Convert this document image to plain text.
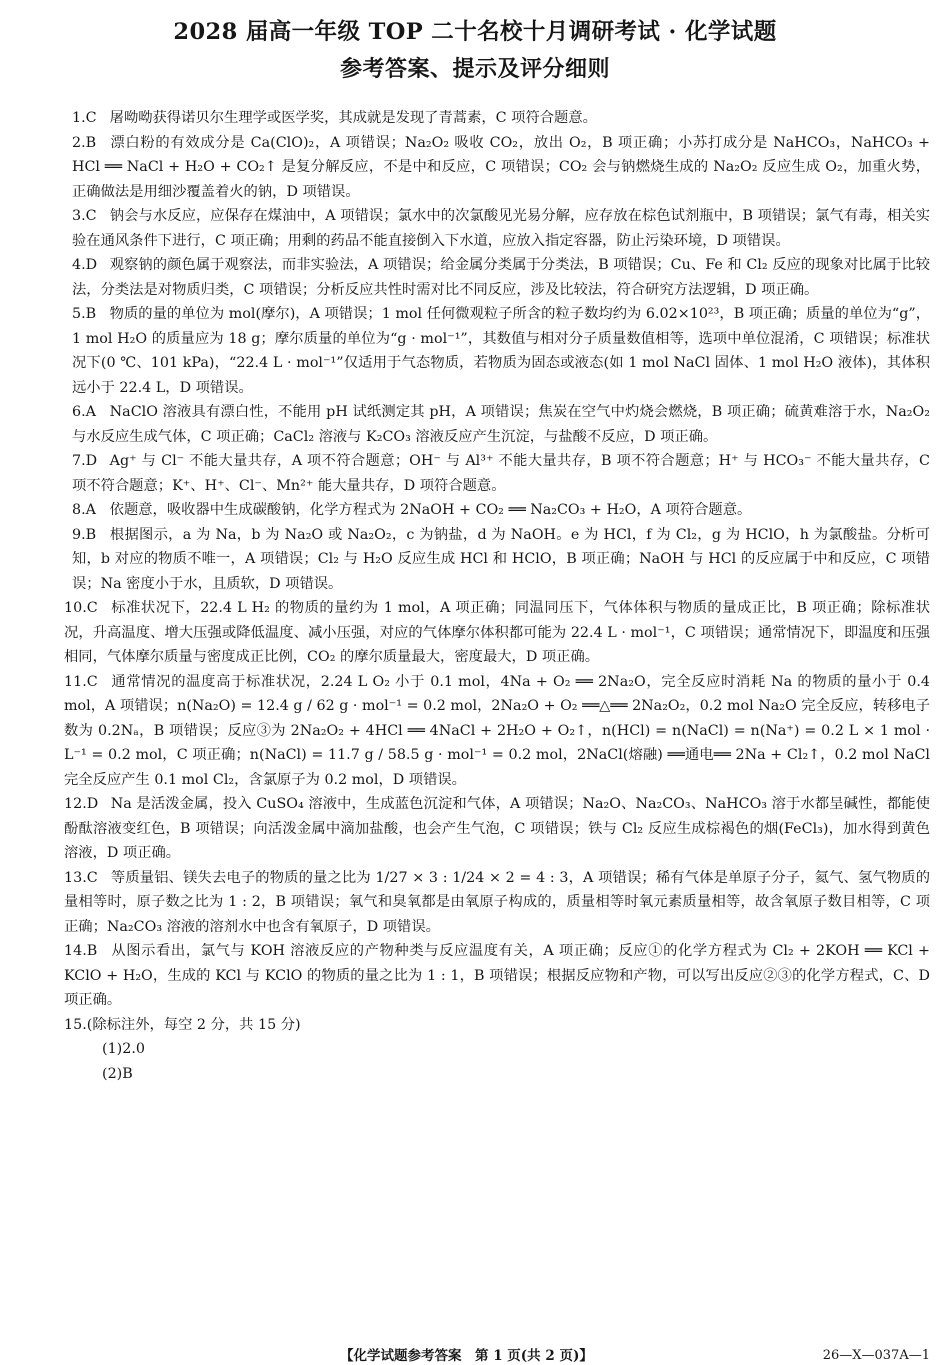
2028 届高一年级 TOP 二十名校十月调研考试 · 化学试题
参考答案、提示及评分细则
1.C 屠呦呦获得诺贝尔生理学或医学奖，其成就是发现了青蒿素，C 项符合题意。
2.B 漂白粉的有效成分是 Ca(ClO)₂，A 项错误；Na₂O₂ 吸收 CO₂，放出 O₂，B 项正确；小苏打成分是 NaHCO₃，NaHCO₃ + HCl ══ NaCl + H₂O + CO₂↑ 是复分解反应，不是中和反应，C 项错误；CO₂ 会与钠燃烧生成的 Na₂O₂ 反应生成 O₂，加重火势，正确做法是用细沙覆盖着火的钠，D 项错误。
3.C 钠会与水反应，应保存在煤油中，A 项错误；氯水中的次氯酸见光易分解，应存放在棕色试剂瓶中，B 项错误；氯气有毒，相关实验在通风条件下进行，C 项正确；用剩的药品不能直接倒入下水道，应放入指定容器，防止污染环境，D 项错误。
4.D 观察钠的颜色属于观察法，而非实验法，A 项错误；给金属分类属于分类法，B 项错误；Cu、Fe 和 Cl₂ 反应的现象对比属于比较法，分类法是对物质归类，C 项错误；分析反应共性时需对比不同反应，涉及比较法，符合研究方法逻辑，D 项正确。
5.B 物质的量的单位为 mol(摩尔)，A 项错误；1 mol 任何微观粒子所含的粒子数均约为 6.02×10²³，B 项正确；质量的单位为“g”，1 mol H₂O 的质量应为 18 g；摩尔质量的单位为“g · mol⁻¹”，其数值与相对分子质量数值相等，选项中单位混淆，C 项错误；标准状况下(0 ℃、101 kPa)，“22.4 L · mol⁻¹”仅适用于气态物质，若物质为固态或液态(如 1 mol NaCl 固体、1 mol H₂O 液体)，其体积远小于 22.4 L，D 项错误。
6.A NaClO 溶液具有漂白性，不能用 pH 试纸测定其 pH，A 项错误；焦炭在空气中灼烧会燃烧，B 项正确；硫黄难溶于水，Na₂O₂ 与水反应生成气体，C 项正确；CaCl₂ 溶液与 K₂CO₃ 溶液反应产生沉淀，与盐酸不反应，D 项正确。
7.D Ag⁺ 与 Cl⁻ 不能大量共存，A 项不符合题意；OH⁻ 与 Al³⁺ 不能大量共存，B 项不符合题意；H⁺ 与 HCO₃⁻ 不能大量共存，C 项不符合题意；K⁺、H⁺、Cl⁻、Mn²⁺ 能大量共存，D 项符合题意。
8.A 依题意，吸收器中生成碳酸钠，化学方程式为 2NaOH + CO₂ ══ Na₂CO₃ + H₂O，A 项符合题意。
9.B 根据图示，a 为 Na，b 为 Na₂O 或 Na₂O₂，c 为钠盐，d 为 NaOH。e 为 HCl，f 为 Cl₂，g 为 HClO，h 为氯酸盐。分析可知，b 对应的物质不唯一，A 项错误；Cl₂ 与 H₂O 反应生成 HCl 和 HClO，B 项正确；NaOH 与 HCl 的反应属于中和反应，C 项错误；Na 密度小于水，且质软，D 项错误。
10.C 标准状况下，22.4 L H₂ 的物质的量约为 1 mol，A 项正确；同温同压下，气体体积与物质的量成正比，B 项正确；除标准状况，升高温度、增大压强或降低温度、减小压强，对应的气体摩尔体积都可能为 22.4 L · mol⁻¹，C 项错误；通常情况下，即温度和压强相同，气体摩尔质量与密度成正比例，CO₂ 的摩尔质量最大，密度最大，D 项正确。
11.C 通常情况的温度高于标准状况，2.24 L O₂ 小于 0.1 mol，4Na + O₂ ══ 2Na₂O，完全反应时消耗 Na 的物质的量小于 0.4 mol，A 项错误；n(Na₂O) = 12.4 g / 62 g · mol⁻¹ = 0.2 mol，2Na₂O + O₂ ══△══ 2Na₂O₂，0.2 mol Na₂O 完全反应，转移电子数为 0.2Nₐ，B 项错误；反应③为 2Na₂O₂ + 4HCl ══ 4NaCl + 2H₂O + O₂↑，n(HCl) = n(NaCl) = n(Na⁺) = 0.2 L × 1 mol · L⁻¹ = 0.2 mol，C 项正确；n(NaCl) = 11.7 g / 58.5 g · mol⁻¹ = 0.2 mol，2NaCl(熔融) ══通电══ 2Na + Cl₂↑，0.2 mol NaCl 完全反应产生 0.1 mol Cl₂，含氯原子为 0.2 mol，D 项错误。
12.D Na 是活泼金属，投入 CuSO₄ 溶液中，生成蓝色沉淀和气体，A 项错误；Na₂O、Na₂CO₃、NaHCO₃ 溶于水都呈碱性，都能使酚酞溶液变红色，B 项错误；向活泼金属中滴加盐酸，也会产生气泡，C 项错误；铁与 Cl₂ 反应生成棕褐色的烟(FeCl₃)，加水得到黄色溶液，D 项正确。
13.C 等质量铝、镁失去电子的物质的量之比为 1/27 × 3 : 1/24 × 2 = 4 : 3，A 项错误；稀有气体是单原子分子，氦气、氢气物质的量相等时，原子数之比为 1 : 2，B 项错误；氧气和臭氧都是由氧原子构成的，质量相等时氧元素质量相等，故含氧原子数目相等，C 项正确；Na₂CO₃ 溶液的溶剂水中也含有氧原子，D 项错误。
14.B 从图示看出，氯气与 KOH 溶液反应的产物种类与反应温度有关，A 项正确；反应①的化学方程式为 Cl₂ + 2KOH ══ KCl + KClO + H₂O，生成的 KCl 与 KClO 的物质的量之比为 1 : 1，B 项错误；根据反应物和产物，可以写出反应②③的化学方程式，C、D 项正确。
15.(除标注外，每空 2 分，共 15 分)
(1)2.0
(2)B
【化学试题参考答案　第 1 页(共 2 页)】	26—X—037A—1
